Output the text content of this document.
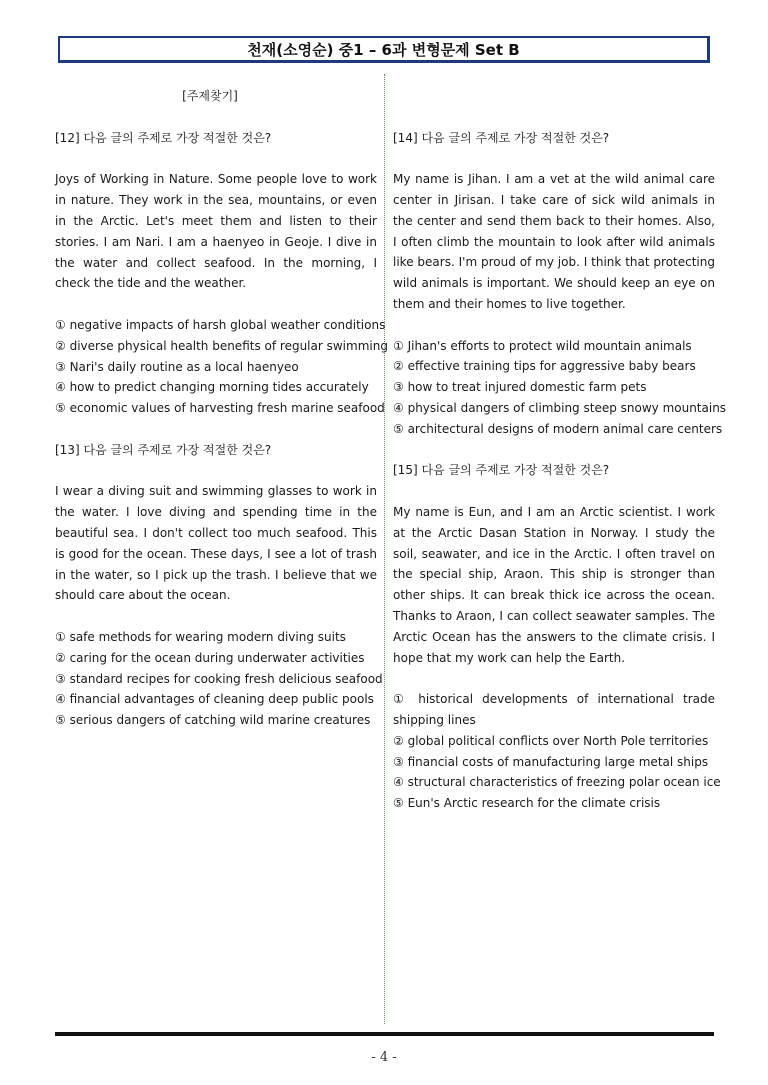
천재(소영순) 중1 – 6과 변형문제 Set B
[주제찾기]

[12] 다음 글의 주제로 가장 적절한 것은?

Joys of Working in Nature. Some people love to work in nature. They work in the sea, mountains, or even in the Arctic. Let's meet them and listen to their stories. I am Nari. I am a haenyeo in Geoje. I dive in the water and collect seafood. In the morning, I check the tide and the weather.

① negative impacts of harsh global weather conditions
② diverse physical health benefits of regular swimming
③ Nari's daily routine as a local haenyeo
④ how to predict changing morning tides accurately
⑤ economic values of harvesting fresh marine seafood

[13] 다음 글의 주제로 가장 적절한 것은?

I wear a diving suit and swimming glasses to work in the water. I love diving and spending time in the beautiful sea. I don't collect too much seafood. This is good for the ocean. These days, I see a lot of trash in the water, so I pick up the trash. I believe that we should care about the ocean.

① safe methods for wearing modern diving suits
② caring for the ocean during underwater activities
③ standard recipes for cooking fresh delicious seafood
④ financial advantages of cleaning deep public pools
⑤ serious dangers of catching wild marine creatures

[14] 다음 글의 주제로 가장 적절한 것은?

My name is Jihan. I am a vet at the wild animal care center in Jirisan. I take care of sick wild animals in the center and send them back to their homes. Also, I often climb the mountain to look after wild animals like bears. I'm proud of my job. I think that protecting wild animals is important. We should keep an eye on them and their homes to live together.

① Jihan's efforts to protect wild mountain animals
② effective training tips for aggressive baby bears
③ how to treat injured domestic farm pets
④ physical dangers of climbing steep snowy mountains
⑤ architectural designs of modern animal care centers

[15] 다음 글의 주제로 가장 적절한 것은?

My name is Eun, and I am an Arctic scientist. I work at the Arctic Dasan Station in Norway. I study the soil, seawater, and ice in the Arctic. I often travel on the special ship, Araon. This ship is stronger than other ships. It can break thick ice across the ocean. Thanks to Araon, I can collect seawater samples. The Arctic Ocean has the answers to the climate crisis. I hope that my work can help the Earth.

① historical developments of international trade shipping lines
② global political conflicts over North Pole territories
③ financial costs of manufacturing large metal ships
④ structural characteristics of freezing polar ocean ice
⑤ Eun's Arctic research for the climate crisis
- 4 -
